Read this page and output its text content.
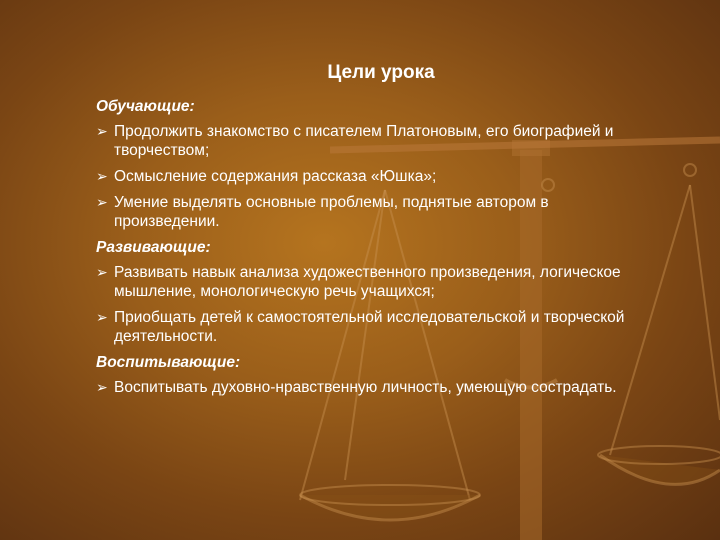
Цели урока
Обучающие:
➢ Продолжить знакомство с писателем Платоновым, его биографией и творчеством;
➢ Осмысление содержания рассказа «Юшка»;
➢ Умение выделять основные проблемы, поднятые автором в произведении.
Развивающие:
➢ Развивать навык анализа художественного произведения, логическое мышление, монологическую речь учащихся;
➢ Приобщать детей к самостоятельной исследовательской и творческой деятельности.
Воспитывающие:
➢ Воспитывать духовно-нравственную личность, умеющую сострадать.
